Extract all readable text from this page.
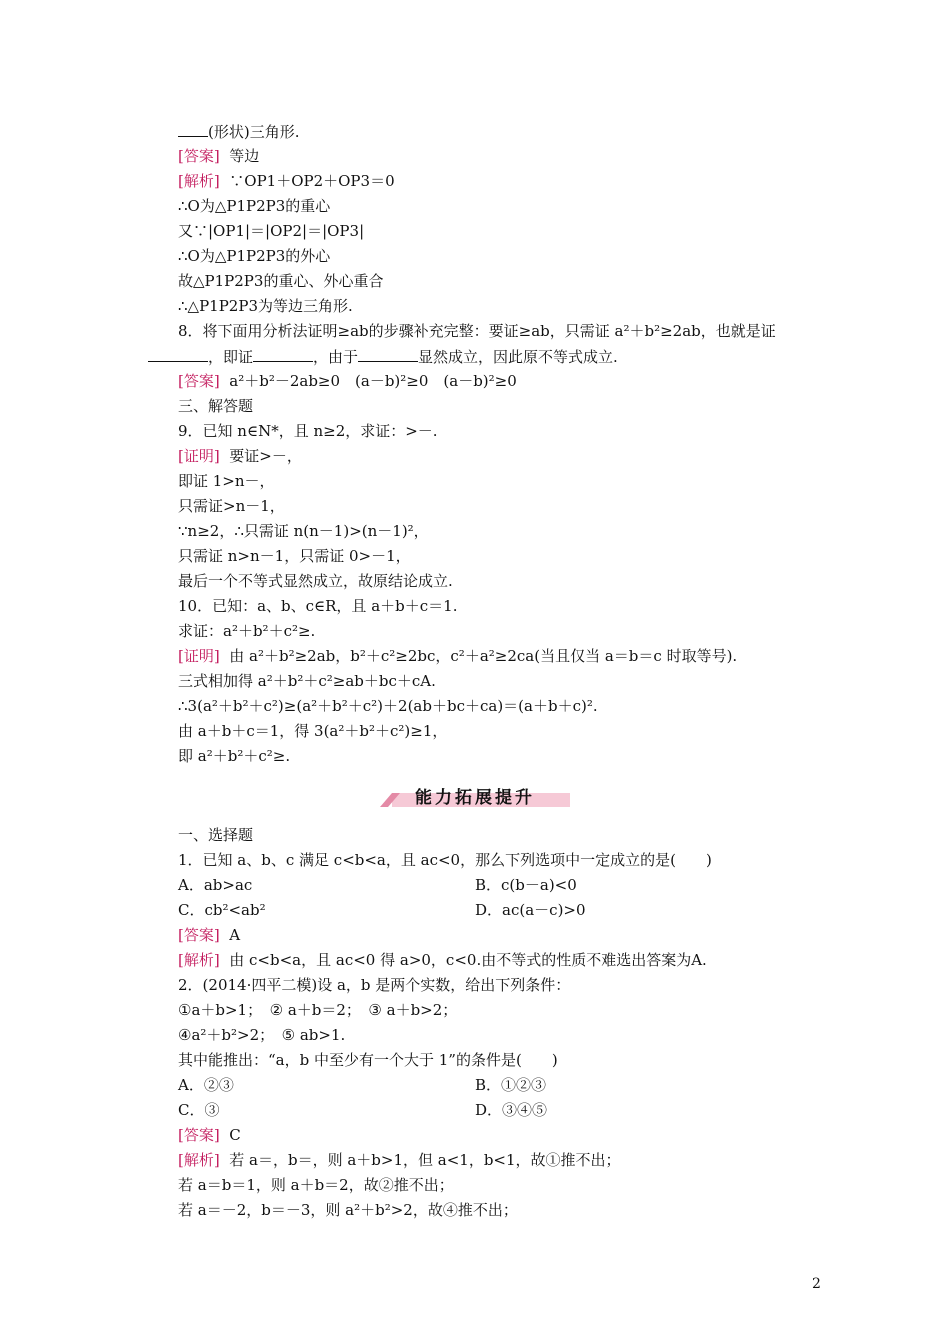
(形状)三角形.
[答案] 等边
[解析] ∵OP1＋OP2＋OP3＝0
∴O为△P1P2P3的重心
又∵|OP1|＝|OP2|＝|OP3|
∴O为△P1P2P3的外心
故△P1P2P3的重心、外心重合
∴△P1P2P3为等边三角形.
8．将下面用分析法证明≥ab的步骤补充完整：要证≥ab，只需证 a²＋b²≥2ab，也就是证
，即证	，由于	显然成立，因此原不等式成立.
[答案] a²＋b²－2ab≥0　(a－b)²≥0　(a－b)²≥0
三、解答题
9．已知 n∈N*，且 n≥2，求证：>－.
[证明] 要证>－，
即证 1>n－，
只需证>n－1，
∵n≥2，∴只需证 n(n－1)>(n－1)²，
只需证 n>n－1，只需证 0>－1，
最后一个不等式显然成立，故原结论成立.
10．已知：a、b、c∈R，且 a＋b＋c＝1.
求证：a²＋b²＋c²≥.
[证明] 由 a²＋b²≥2ab，b²＋c²≥2bc，c²＋a²≥2ca(当且仅当 a＝b＝c 时取等号).
三式相加得 a²＋b²＋c²≥ab＋bc＋cA.
∴3(a²＋b²＋c²)≥(a²＋b²＋c²)＋2(ab＋bc＋ca)＝(a＋b＋c)².
由 a＋b＋c＝1，得 3(a²＋b²＋c²)≥1，
即 a²＋b²＋c²≥.
能力拓展提升
一、选择题
1．已知 a、b、c 满足 c<b<a，且 ac<0，那么下列选项中一定成立的是(　　)
A．ab>ac	B．c(b－a)<0
C．cb²<ab²	D．ac(a－c)>0
[答案] A
[解析] 由 c<b<a，且 ac<0 得 a>0，c<0.由不等式的性质不难选出答案为A.
2．(2014·四平二模)设 a，b 是两个实数，给出下列条件：
①a＋b>1；　② a＋b＝2；　③ a＋b>2；
④a²＋b²>2；　⑤ ab>1.
其中能推出：“a，b 中至少有一个大于 1”的条件是(　　)
A．②③	B．①②③
C．③	D．③④⑤
[答案] C
[解析] 若 a＝，b＝，则 a＋b>1，但 a<1，b<1，故①推不出；
若 a＝b＝1，则 a＋b＝2，故②推不出；
若 a＝－2，b＝－3，则 a²＋b²>2，故④推不出；
2
